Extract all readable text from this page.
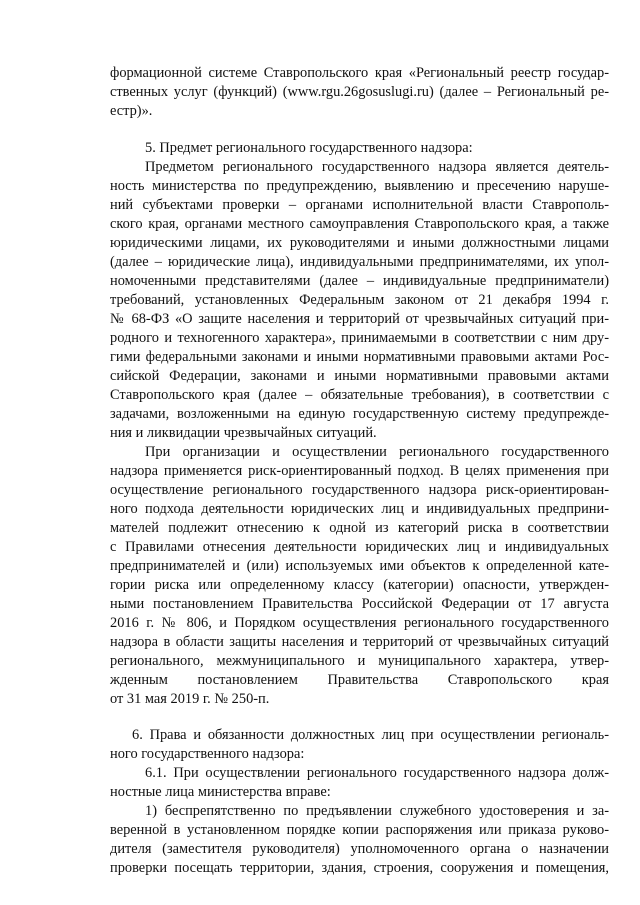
формационной системе Ставропольского края «Региональный реестр государ-
ственных услуг (функций) (www.rgu.26gosuslugi.ru) (далее – Региональный ре-
естр)».
5. Предмет регионального государственного надзора:
Предметом регионального государственного надзора является деятель-
ность министерства по предупреждению, выявлению и пресечению наруше-
ний субъектами проверки – органами исполнительной власти Ставрополь-
ского края, органами местного самоуправления Ставропольского края, а также
юридическими лицами, их руководителями и иными должностными лицами
(далее – юридические лица), индивидуальными предпринимателями, их упол-
номоченными представителями (далее – индивидуальные предприниматели)
требований, установленных Федеральным законом от 21 декабря 1994 г.
№ 68-ФЗ «О защите населения и территорий от чрезвычайных ситуаций при-
родного и техногенного характера», принимаемыми в соответствии с ним дру-
гими федеральными законами и иными нормативными правовыми актами Рос-
сийской Федерации, законами и иными нормативными правовыми актами
Ставропольского края (далее – обязательные требования), в соответствии с
задачами, возложенными на единую государственную систему предупрежде-
ния и ликвидации чрезвычайных ситуаций.
При организации и осуществлении регионального государственного
надзора применяется риск-ориентированный подход. В целях применения при
осуществление регионального государственного надзора риск-ориентирован-
ного подхода деятельности юридических лиц и индивидуальных предприни-
мателей подлежит отнесению к одной из категорий риска в соответствии
с Правилами отнесения деятельности юридических лиц и индивидуальных
предпринимателей и (или) используемых ими объектов к определенной кате-
гории риска или определенному классу (категории) опасности, утвержден-
ными постановлением Правительства Российской Федерации от 17 августа
2016 г. № 806, и Порядком осуществления регионального государственного
надзора в области защиты населения и территорий от чрезвычайных ситуаций
регионального, межмуниципального и муниципального характера, утвер-
жденным постановлением Правительства Ставропольского края
от 31 мая 2019 г. № 250-п.
6. Права и обязанности должностных лиц при осуществлении региональ-
ного государственного надзора:
6.1. При осуществлении регионального государственного надзора долж-
ностные лица министерства вправе:
1) беспрепятственно по предъявлении служебного удостоверения и за-
веренной в установленном порядке копии распоряжения или приказа руково-
дителя (заместителя руководителя) уполномоченного органа о назначении
проверки посещать территории, здания, строения, сооружения и помещения,
